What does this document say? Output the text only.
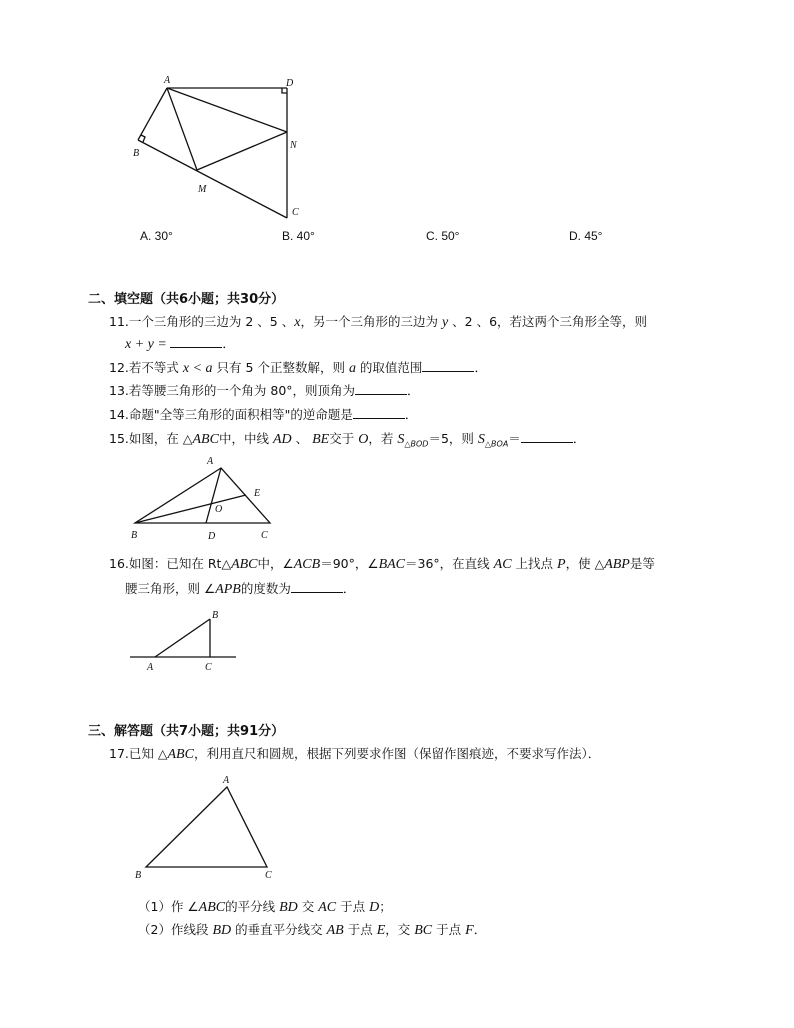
A	D
B
N
M
C
A. 30°	B. 40°	C. 50°	D. 45°
二、填空题（共6小题；共30分）
11.一个三角形的三边为 2 、5 、x，另一个三角形的三边为 y 、2 、6，若这两个三角形全等，则
x + y =	．
12.若不等式 x < a 只有 5 个正整数解，则 a 的取值范围	．
13.若等腰三角形的一个角为 80°，则顶角为	．
14.命题"全等三角形的面积相等"的逆命题是	．
15.如图，在 △ABC中，中线 AD 、 BE交于 O，若 $S_{\triangle BOD}=5$，则 $S_{\triangle BOA}=$	．
A
E
O
B	D	C
16.如图：已知在 Rt△ABC中，∠ACB＝90°，∠BAC＝36°，在直线 AC 上找点 P，使 △ABP是等
腰三角形，则 ∠APB的度数为	．
B
A	C
三、解答题（共7小题；共91分）
17.已知 △ABC，利用直尺和圆规，根据下列要求作图（保留作图痕迹，不要求写作法）．
A
B	C
（1）作 ∠ABC的平分线 BD 交 AC 于点 D；
（2）作线段 BD 的垂直平分线交 AB 于点 E，交 BC 于点 F．
